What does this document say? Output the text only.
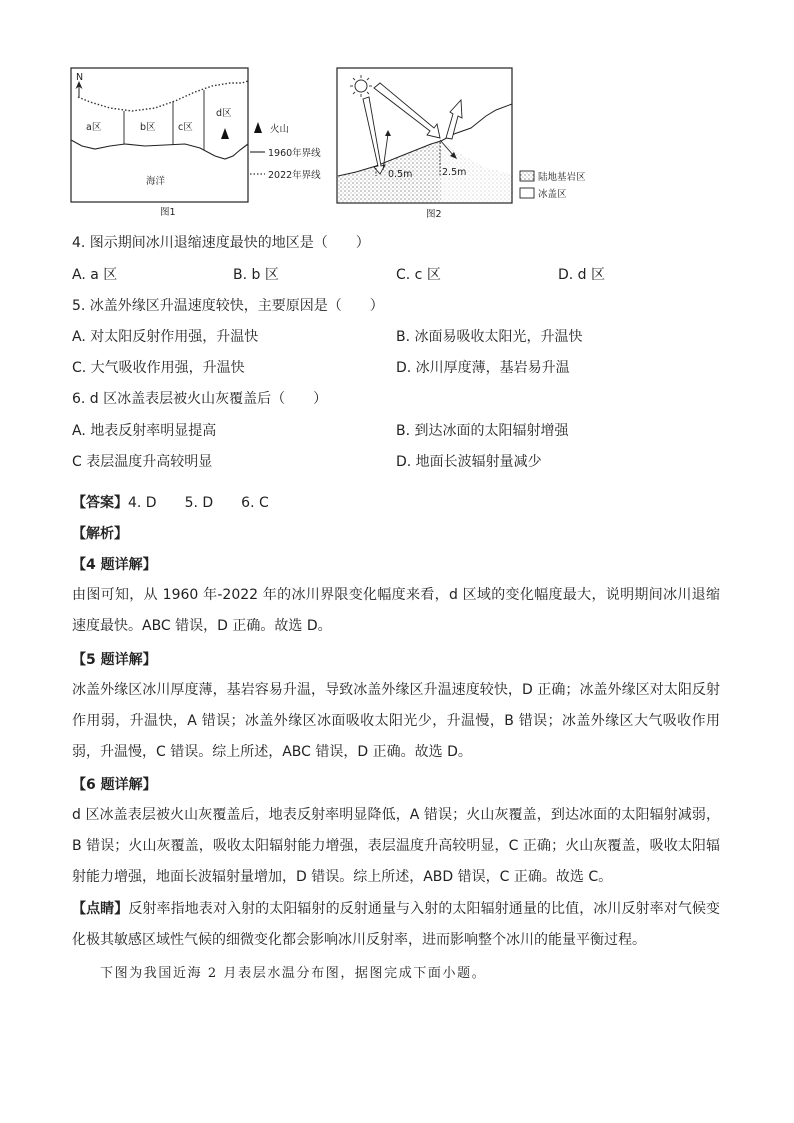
N
a区	b区 c区
d区
海洋
火山
1960年界线
2022年界线
图1
0.5m	2.5m	陆地基岩区
冰盖区
图2
4. 图示期间冰川退缩速度最快的地区是（　　）
A. a 区	B. b 区	C. c 区	D. d 区
5. 冰盖外缘区升温速度较快，主要原因是（　　）
A. 对太阳反射作用强，升温快	B. 冰面易吸收太阳光，升温快
C. 大气吸收作用强，升温快	D. 冰川厚度薄，基岩易升温
6. d 区冰盖表层被火山灰覆盖后（　　）
A. 地表反射率明显提高	B. 到达冰面的太阳辐射增强
C 表层温度升高较明显	D. 地面长波辐射量减少
【答案】4. D　　5. D　　6. C
【解析】
【4 题详解】
由图可知，从 1960 年-2022 年的冰川界限变化幅度来看，d 区域的变化幅度最大，说明期间冰川退缩速度最快。ABC 错误，D 正确。故选 D。
【5 题详解】
冰盖外缘区冰川厚度薄，基岩容易升温，导致冰盖外缘区升温速度较快，D 正确；冰盖外缘区对太阳反射作用弱，升温快，A 错误；冰盖外缘区冰面吸收太阳光少，升温慢，B 错误；冰盖外缘区大气吸收作用弱，升温慢，C 错误。综上所述，ABC 错误，D 正确。故选 D。
【6 题详解】
d 区冰盖表层被火山灰覆盖后，地表反射率明显降低，A 错误；火山灰覆盖，到达冰面的太阳辐射减弱，B 错误；火山灰覆盖，吸收太阳辐射能力增强，表层温度升高较明显，C 正确；火山灰覆盖，吸收太阳辐射能力增强，地面长波辐射量增加，D 错误。综上所述，ABD 错误，C 正确。故选 C。
【点睛】反射率指地表对入射的太阳辐射的反射通量与入射的太阳辐射通量的比值，冰川反射率对气候变化极其敏感区域性气候的细微变化都会影响冰川反射率，进而影响整个冰川的能量平衡过程。
下图为我国近海 2 月表层水温分布图，据图完成下面小题。
